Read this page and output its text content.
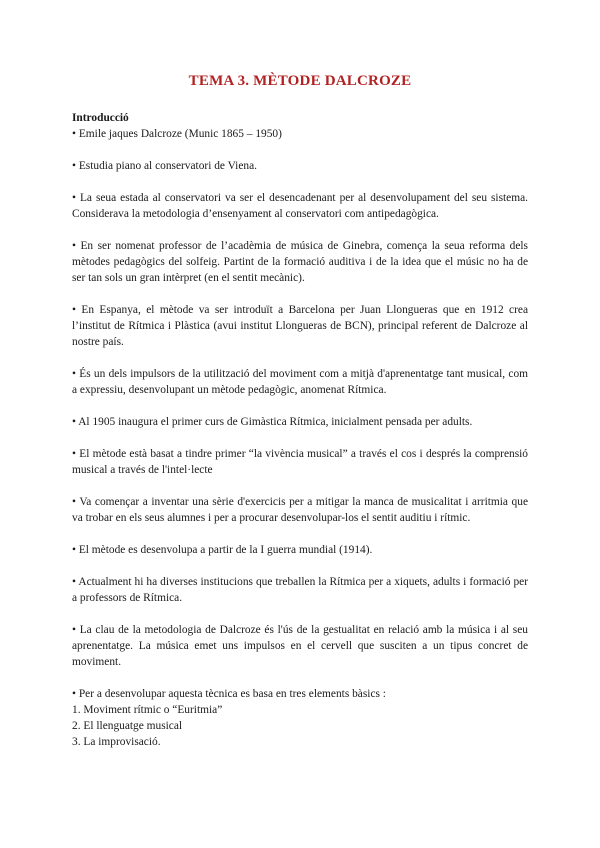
TEMA 3. MÈTODE DALCROZE

Introducció

• Emile jaques Dalcroze (Munic 1865 – 1950)

• Estudia piano al conservatori de Viena.

• La seua estada al conservatori va ser el desencadenant per al desenvolupament del seu sistema. Considerava la metodologia d’ensenyament al conservatori com antipedagògica.

• En ser nomenat professor de l’acadèmia de música de Ginebra, comença la seua reforma dels mètodes pedagògics del solfeig. Partint de la formació auditiva i de la idea que el músic no ha de ser tan sols un gran intèrpret (en el sentit mecànic).

• En Espanya, el mètode va ser introduït a Barcelona per Juan Llongueras que en 1912 crea l’institut de Rítmica i Plàstica (avui institut Llongueras de BCN), principal referent de Dalcroze al nostre país.

• És un dels impulsors de la utilització del moviment com a mitjà d'aprenentatge tant musical, com a expressiu, desenvolupant un mètode pedagògic, anomenat Rítmica.

• Al 1905 inaugura el primer curs de Gimàstica Rítmica, inicialment pensada per adults.

• El mètode està basat a tindre primer “la vivència musical” a través el cos i després la comprensió musical a través de l'intel·lecte

• Va començar a inventar una sèrie d'exercicis per a mitigar la manca de musicalitat i arritmia que va trobar en els seus alumnes i per a procurar desenvolupar-los el sentit auditiu i rítmic.

• El mètode es desenvolupa a partir de la I guerra mundial (1914).

• Actualment hi ha diverses institucions que treballen la Rítmica per a xiquets, adults i formació per a professors de Rítmica.

• La clau de la metodologia de Dalcroze és l'ús de la gestualitat en relació amb la música i al seu aprenentatge. La música emet uns impulsos en el cervell que susciten a un tipus concret de moviment.

• Per a desenvolupar aquesta tècnica es basa en tres elements bàsics :

1. Moviment rítmic o “Euritmia”

2. El llenguatge musical

3. La improvisació.
